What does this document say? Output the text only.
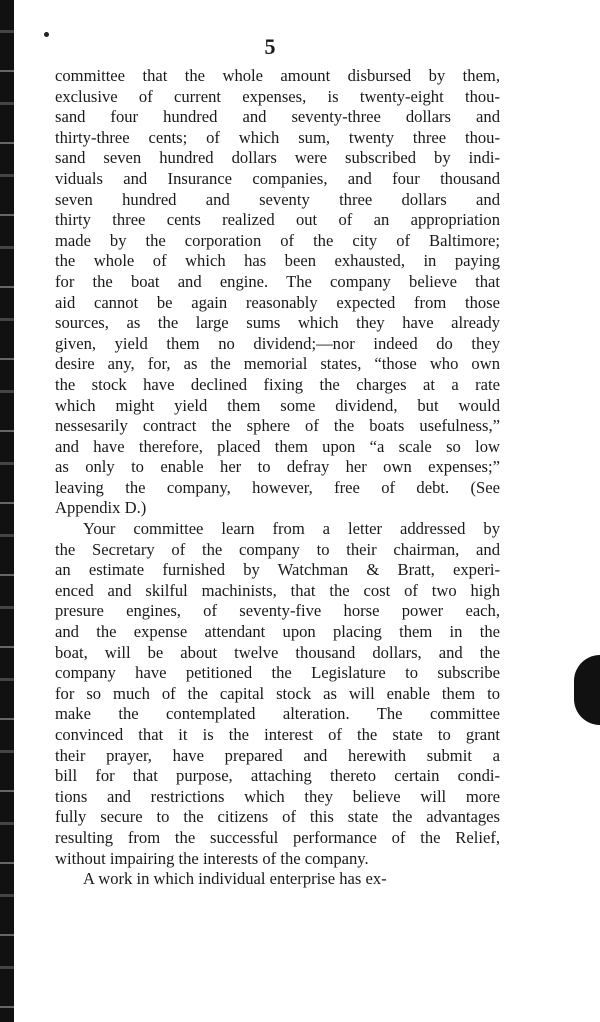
5
committee that the whole amount disbursed by them,
exclusive of current expenses, is twenty-eight thou-
sand four hundred and seventy-three dollars and
thirty-three cents; of which sum, twenty three thou-
sand seven hundred dollars were subscribed by indi-
viduals and Insurance companies, and four thousand
seven hundred and seventy three dollars and
thirty three cents realized out of an appropriation
made by the corporation of the city of Baltimore;
the whole of which has been exhausted, in paying
for the boat and engine. The company believe that
aid cannot be again reasonably expected from those
sources, as the large sums which they have already
given, yield them no dividend;—nor indeed do they
desire any, for, as the memorial states, “those who own
the stock have declined fixing the charges at a rate
which might yield them some dividend, but would
nessesarily contract the sphere of the boats usefulness,”
and have therefore, placed them upon “a scale so low
as only to enable her to defray her own expenses;”
leaving the company, however, free of debt. (See
Appendix D.)
Your committee learn from a letter addressed by
the Secretary of the company to their chairman, and
an estimate furnished by Watchman & Bratt, experi-
enced and skilful machinists, that the cost of two high
presure engines, of seventy-five horse power each,
and the expense attendant upon placing them in the
boat, will be about twelve thousand dollars, and the
company have petitioned the Legislature to subscribe
for so much of the capital stock as will enable them to
make the contemplated alteration. The committee
convinced that it is the interest of the state to grant
their prayer, have prepared and herewith submit a
bill for that purpose, attaching thereto certain condi-
tions and restrictions which they believe will more
fully secure to the citizens of this state the advantages
resulting from the successful performance of the Relief,
without impairing the interests of the company.
A work in which individual enterprise has ex-
